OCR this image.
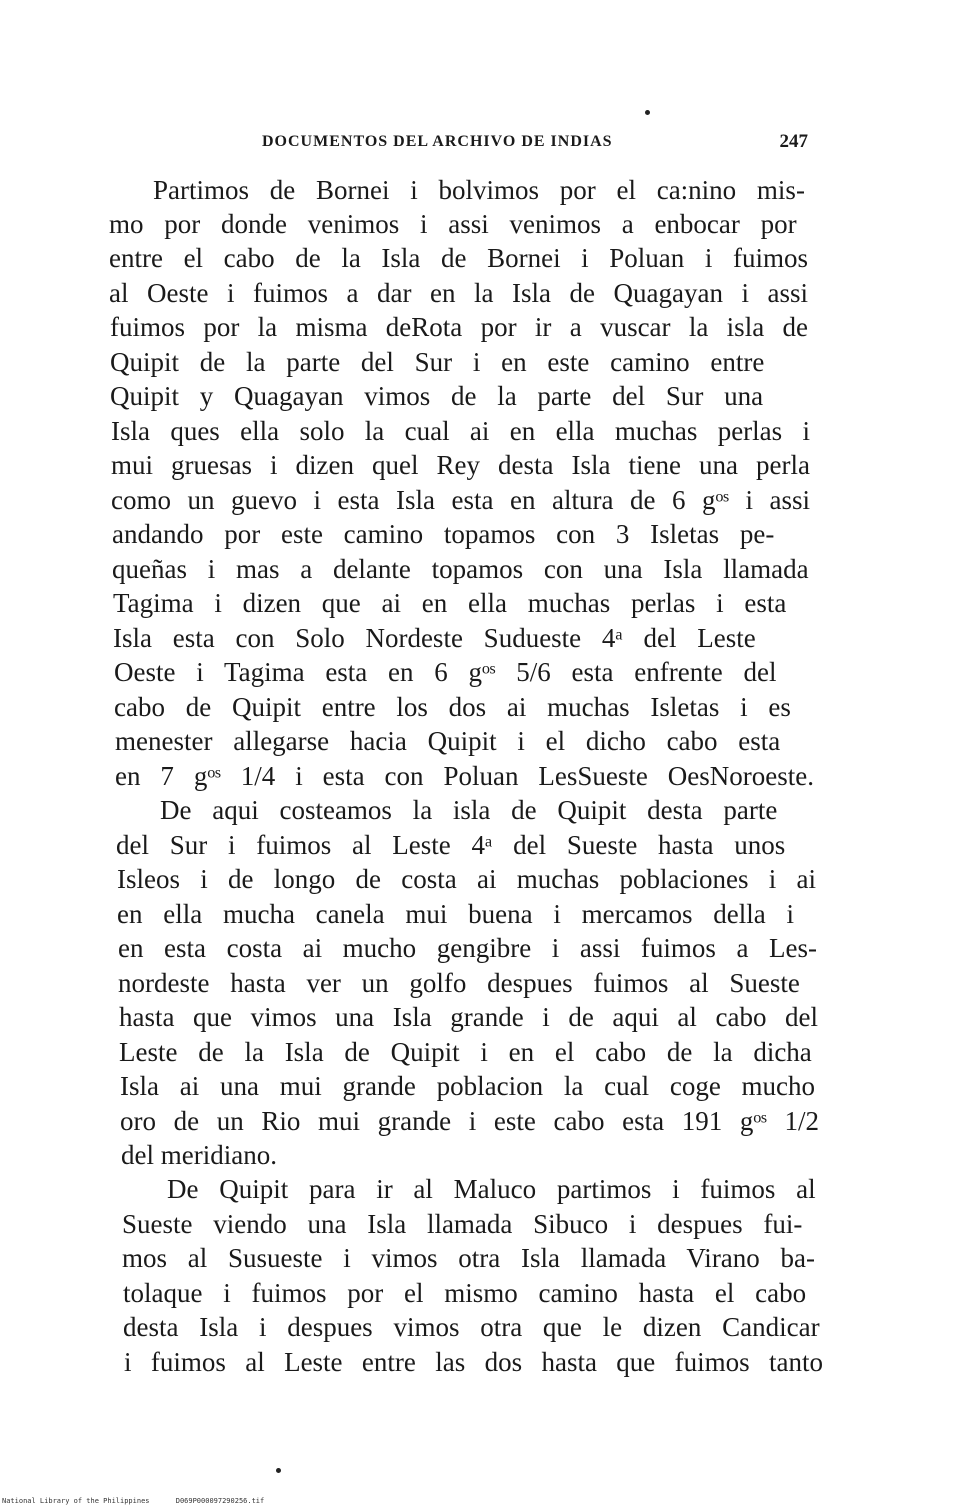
DOCUMENTOS DEL ARCHIVO DE INDIAS	247
Partimos de Bornei i bolvimos por el ca:nino mis-
mo por donde venimos i assi venimos a enbocar por
entre el cabo de la Isla de Bornei i Poluan i fuimos
al Oeste i fuimos a dar en la Isla de Quagayan i assi
fuimos por la misma deRota por ir a vuscar la isla de
Quipit de la parte del Sur i en este camino entre
Quipit y Quagayan vimos de la parte del Sur una
Isla ques ella solo la cual ai en ella muchas perlas i
mui gruesas i dizen quel Rey desta Isla tiene una perla
como un guevo i esta Isla esta en altura de 6 gᵒˢ i assi
andando por este camino topamos con 3 Isletas pe-
queñas i mas a delante topamos con una Isla llamada
Tagima i dizen que ai en ella muchas perlas i esta
Isla esta con Solo Nordeste Sudueste 4ᵃ del Leste
Oeste i Tagima esta en 6 gᵒˢ 5/6 esta enfrente del
cabo de Quipit entre los dos ai muchas Isletas i es
menester allegarse hacia Quipit i el dicho cabo esta
en 7 gᵒˢ 1/4 i esta con Poluan LesSueste OesNoroeste.
De aqui costeamos la isla de Quipit desta parte
del Sur i fuimos al Leste 4ᵃ del Sueste hasta unos
Isleos i de longo de costa ai muchas poblaciones i ai
en ella mucha canela mui buena i mercamos della i
en esta costa ai mucho gengibre i assi fuimos a Les-
nordeste hasta ver un golfo despues fuimos al Sueste
hasta que vimos una Isla grande i de aqui al cabo del
Leste de la Isla de Quipit i en el cabo de la dicha
Isla ai una mui grande poblacion la cual coge mucho
oro de un Rio mui grande i este cabo esta 191 gᵒˢ 1/2
del meridiano.
De Quipit para ir al Maluco partimos i fuimos al
Sueste viendo una Isla llamada Sibuco i despues fui-
mos al Susueste i vimos otra Isla llamada Virano ba-
tolaque i fuimos por el mismo camino hasta el cabo
desta Isla i despues vimos otra que le dizen Candicar
i fuimos al Leste entre las dos hasta que fuimos tanto
National Library of the Philippines	D069P000097290256.tif
